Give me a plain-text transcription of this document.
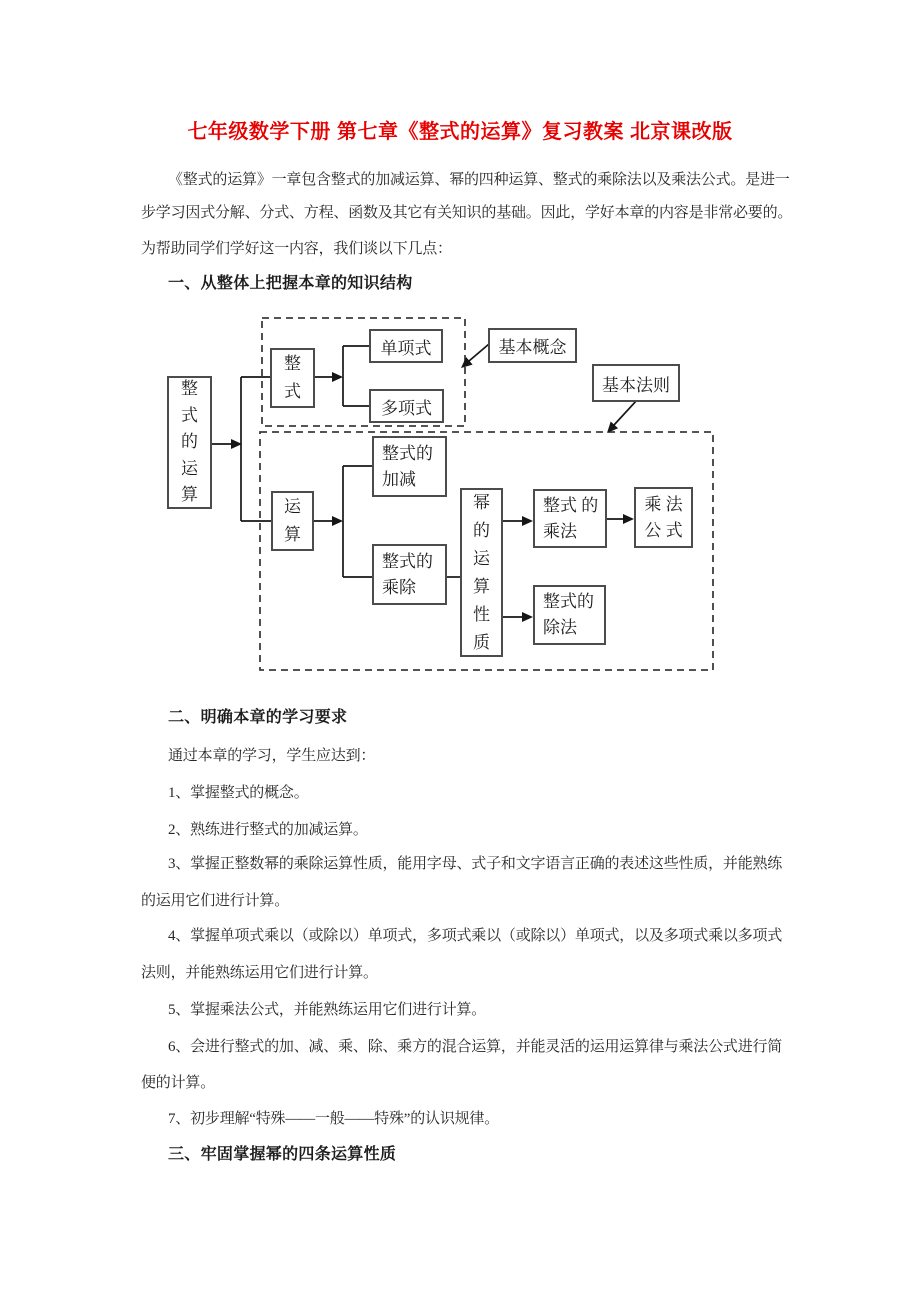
七年级数学下册 第七章《整式的运算》复习教案 北京课改版
《整式的运算》一章包含整式的加减运算、幂的四种运算、整式的乘除法以及乘法公式。是进一
步学习因式分解、分式、方程、函数及其它有关知识的基础。因此，学好本章的内容是非常必要的。
为帮助同学们学好这一内容，我们谈以下几点：
一、从整体上把握本章的知识结构
整式的运算
整式
单项式
多项式
基本概念
基本法则
运算
整式的
加减
整式的
乘除
幂的运算性质
整式 的
乘法
乘 法
公 式
整式的
除法
二、明确本章的学习要求
通过本章的学习，学生应达到：
1、掌握整式的概念。
2、熟练进行整式的加减运算。
3、掌握正整数幂的乘除运算性质，能用字母、式子和文字语言正确的表述这些性质，并能熟练
的运用它们进行计算。
4、掌握单项式乘以（或除以）单项式，多项式乘以（或除以）单项式，以及多项式乘以多项式
法则，并能熟练运用它们进行计算。
5、掌握乘法公式，并能熟练运用它们进行计算。
6、会进行整式的加、减、乘、除、乘方的混合运算，并能灵活的运用运算律与乘法公式进行简
便的计算。
7、初步理解“特殊——一般——特殊”的认识规律。
三、牢固掌握幂的四条运算性质
